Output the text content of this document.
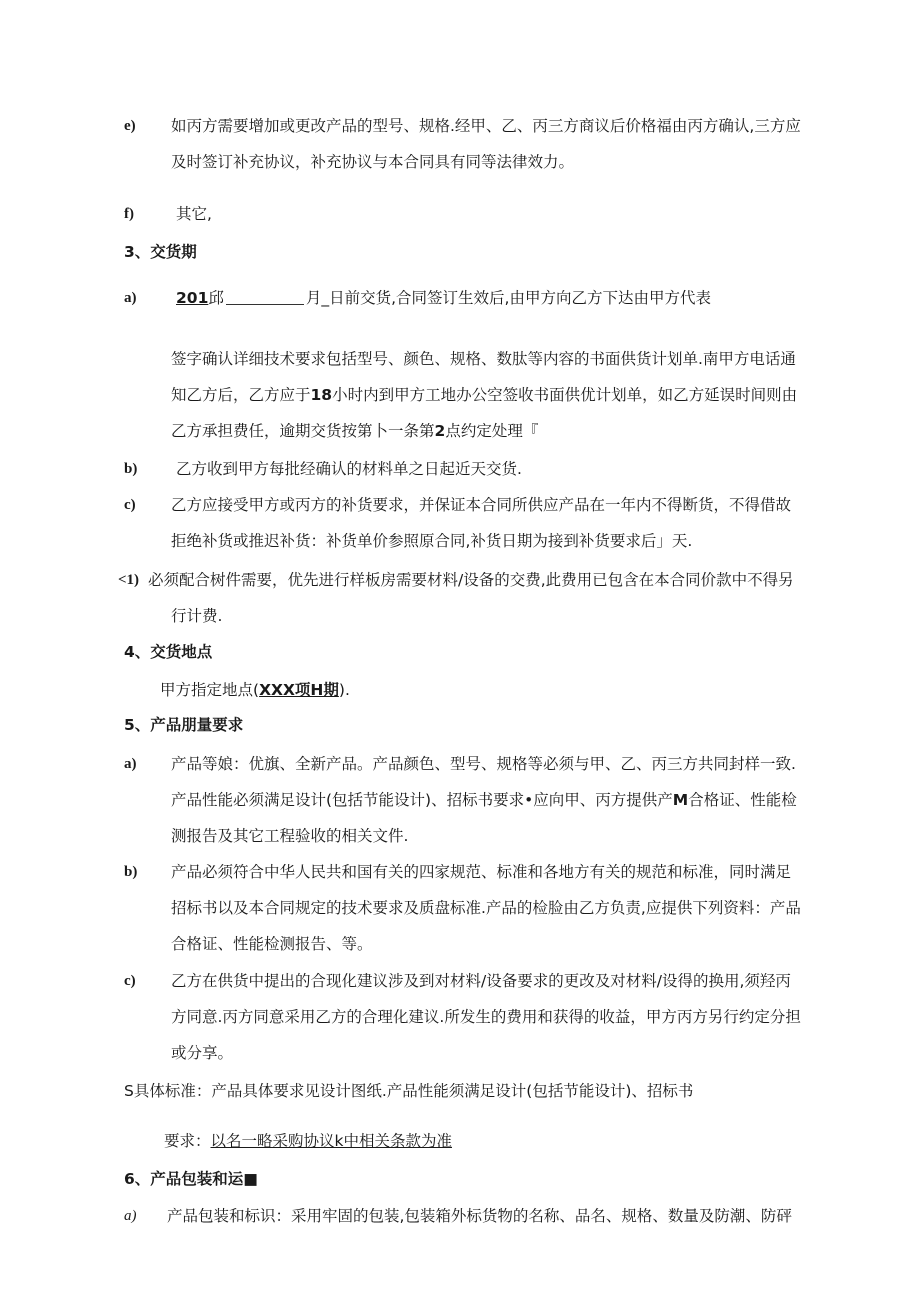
e) 如丙方需要增加或更改产品的型号、规格.经甲、乙、丙三方商议后价格福由丙方确认,三方应
及时签订补充协议，补充协议与本合同具有同等法律效力。
f)	其它,
3、交货期
a)	201邱	月_日前交货,合同签订生效后,由甲方向乙方下达由甲方代表
签字确认详细技术要求包括型号、颜色、规格、数肽等内容的书面供货计划单.南甲方电话通
知乙方后，乙方应于18小时内到甲方工地办公空签收书面供优计划单，如乙方延误时间则由
乙方承担费任，逾期交货按第卜一条第2点约定处理『
b) 乙方收到甲方每批经确认的材料单之日起近天交货.
c) 乙方应接受甲方或丙方的补货要求，并保证本合同所供应产品在一年内不得断货，不得借故
拒绝补货或推迟补货：补货单价参照原合同,补货日期为接到补货要求后」天.
<1) 必须配合树件需要，优先进行样板房需要材料/设备的交费,此费用已包含在本合同价款中不得另
行计费.
4、交货地点
甲方指定地点(XXX项H期).
5、产品朋量要求
a) 产品等娘：优旗、全新产品。产品颜色、型号、规格等必须与甲、乙、丙三方共同封样一致.
产品性能必须满足设计(包括节能设计)、招标书要求•应向甲、丙方提供产M合格证、性能检
测报告及其它工程验收的相关文件.
b) 产品必须符合中华人民共和国有关的四家规范、标准和各地方有关的规范和标准，同时满足
招标书以及本合同规定的技术要求及质盘标准.产品的检脸由乙方负责,应提供下列资料：产品
合格证、性能检测报告、等。
c) 乙方在供货中提出的合现化建议涉及到对材料/设备要求的更改及对材料/设得的换用,须羟丙
方同意.丙方同意采用乙方的合理化建议.所发生的费用和获得的收益，甲方丙方另行约定分担
或分享。
S具体标准：产品具体要求见设计图纸.产品性能须满足设计(包括节能设计)、招标书
要求：以名一略采购协议k中相关条款为准
6、产品包装和运■
a) 产品包装和标识：采用牢固的包装,包装箱外标货物的名称、品名、规格、数量及防潮、防砰
